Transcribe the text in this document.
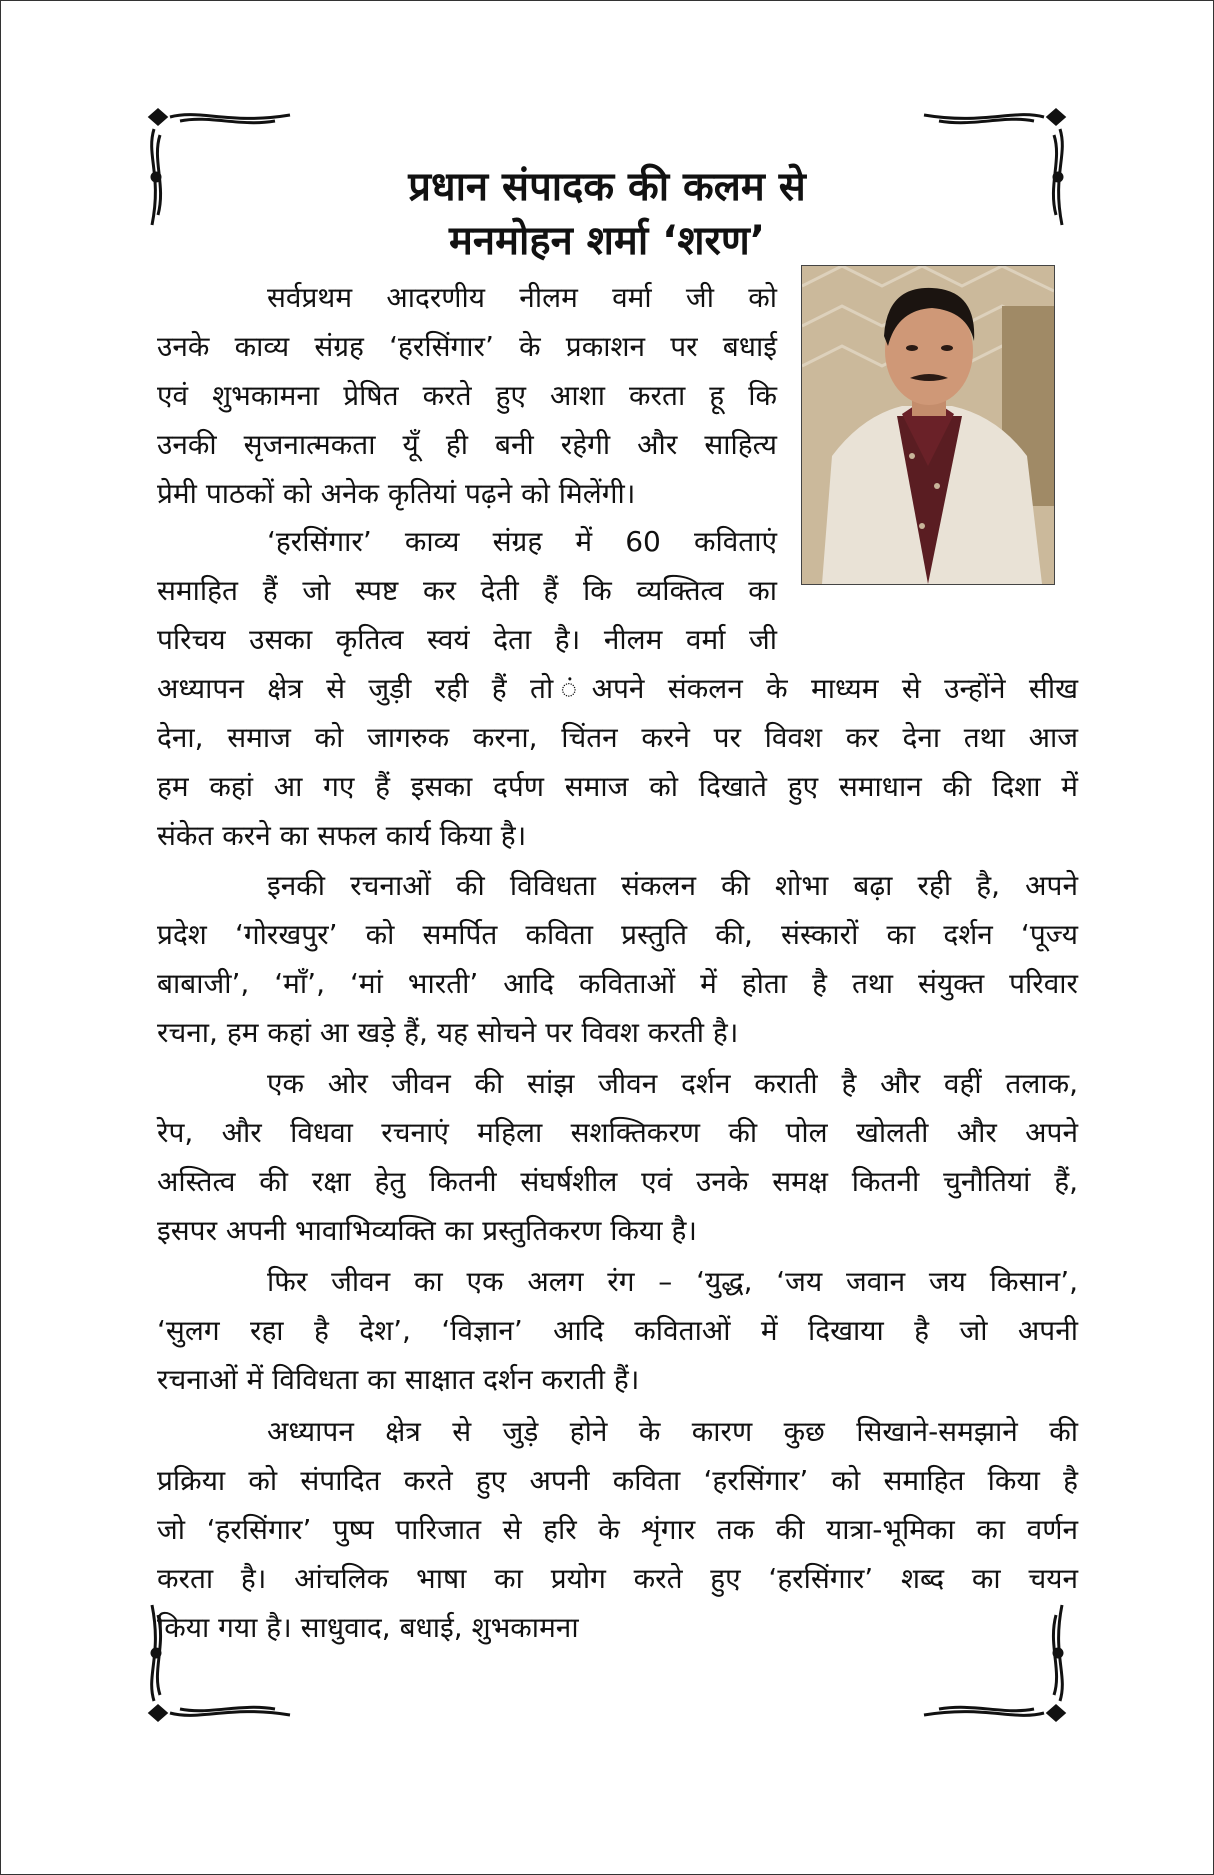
प्रधान संपादक की कलम से
मनमोहन शर्मा ‘शरण’

सर्वप्रथम आदरणीय नीलम वर्मा जी को
उनके काव्य संग्रह ‘हरसिंगार’ के प्रकाशन पर बधाई
एवं शुभकामना प्रेषित करते हुए आशा करता हू कि
उनकी सृजनात्मकता यूँ ही बनी रहेगी और साहित्य
प्रेमी पाठकों को अनेक कृतियां पढ़ने को मिलेंगी।

‘हरसिंगार’ काव्य संग्रह में 60 कविताएं
समाहित हैं जो स्पष्ट कर देती हैं कि व्यक्तित्व का
परिचय उसका कृतित्व स्वयं देता है। नीलम वर्मा जी

अध्यापन क्षेत्र से जुड़ी रही हैं तो ंअपने संकलन के माध्यम से उन्होंने सीख
देना, समाज को जागरुक करना, चिंतन करने पर विवश कर देना तथा आज
हम कहां आ गए हैं इसका दर्पण समाज को दिखाते हुए समाधान की दिशा में
संकेत करने का सफल कार्य किया है।

इनकी रचनाओं की विविधता संकलन की शोभा बढ़ा रही है, अपने
प्रदेश ‘गोरखपुर’ को समर्पित कविता प्रस्तुति की, संस्कारों का दर्शन ‘पूज्य
बाबाजी’, ‘माँ’, ‘मां भारती’ आदि कविताओं में होता है तथा संयुक्त परिवार
रचना, हम कहां आ खड़े हैं, यह सोचने पर विवश करती है।

एक ओर जीवन की सांझ जीवन दर्शन कराती है और वहीं तलाक,
रेप, और विधवा रचनाएं महिला सशक्तिकरण की पोल खोलती और अपने
अस्तित्व की रक्षा हेतु कितनी संघर्षशील एवं उनके समक्ष कितनी चुनौतियां हैं,
इसपर अपनी भावाभिव्यक्ति का प्रस्तुतिकरण किया है।

फिर जीवन का एक अलग रंग – ‘युद्ध, ‘जय जवान जय किसान’,
‘सुलग रहा है देश’, ‘विज्ञान’ आदि कविताओं में दिखाया है जो अपनी
रचनाओं में विविधता का साक्षात दर्शन कराती हैं।

अध्यापन क्षेत्र से जुड़े होने के कारण कुछ सिखाने-समझाने की
प्रक्रिया को संपादित करते हुए अपनी कविता ‘हरसिंगार’ को समाहित किया है
जो ‘हरसिंगार’ पुष्प पारिजात से हरि के शृंगार तक की यात्रा-भूमिका का वर्णन
करता है। आंचलिक भाषा का प्रयोग करते हुए ‘हरसिंगार’ शब्द का चयन
किया गया है। साधुवाद, बधाई, शुभकामना
